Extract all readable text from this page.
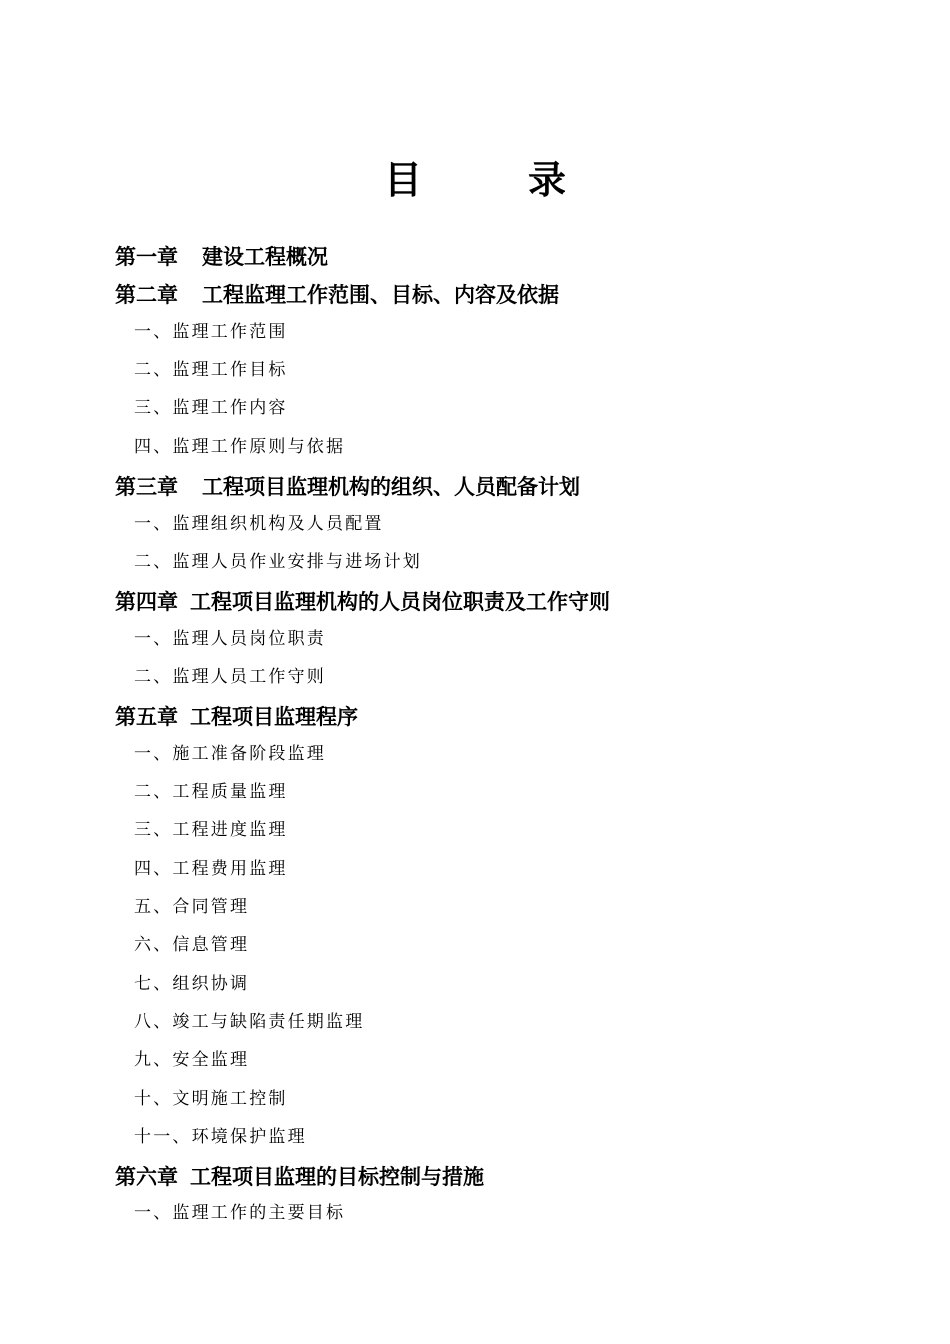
目　录
第一章 建设工程概况
第二章 工程监理工作范围、目标、内容及依据
一、监理工作范围
二、监理工作目标
三、监理工作内容
四、监理工作原则与依据
第三章 工程项目监理机构的组织、人员配备计划
一、监理组织机构及人员配置
二、监理人员作业安排与进场计划
第四章 工程项目监理机构的人员岗位职责及工作守则
一、监理人员岗位职责
二、监理人员工作守则
第五章 工程项目监理程序
一、施工准备阶段监理
二、工程质量监理
三、工程进度监理
四、工程费用监理
五、合同管理
六、信息管理
七、组织协调
八、竣工与缺陷责任期监理
九、安全监理
十、文明施工控制
十一、环境保护监理
第六章 工程项目监理的目标控制与措施
一、监理工作的主要目标
